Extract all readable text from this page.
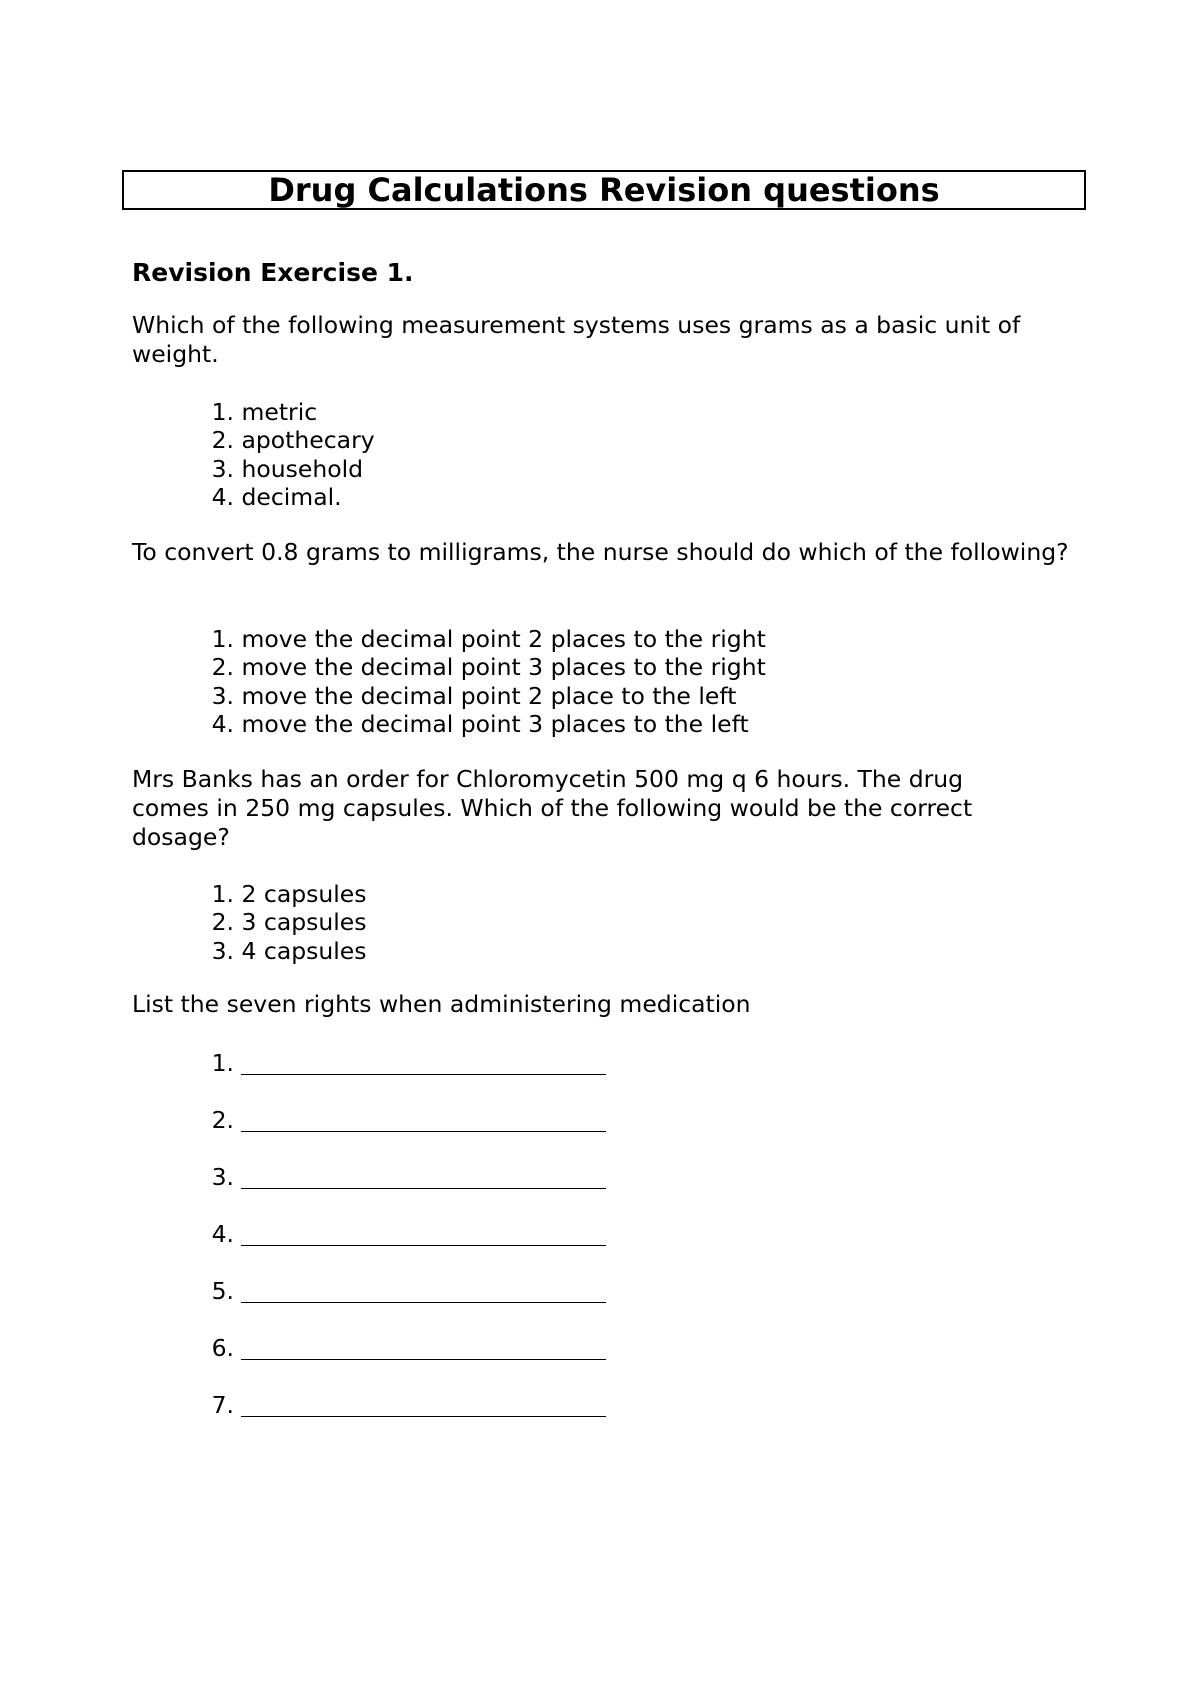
Drug Calculations Revision questions
Revision Exercise 1.

Which of the following measurement systems uses grams as a basic unit of weight.

1.
metric
2.
apothecary
3.
household
4.
decimal.

To convert 0.8 grams to milligrams, the nurse should do which of the following?

1.
move the decimal point 2 places to the right
2.
move the decimal point 3 places to the right
3.
move the decimal point 2 place to the left
4.
move the decimal point 3 places to the left

Mrs Banks has an order for Chloromycetin 500 mg q 6 hours. The drug comes in 250 mg capsules. Which of the following would be the correct dosage?

1.
2 capsules
2.
3 capsules
3.
4 capsules

List the seven rights when administering medication

1.

2.

3.

4.

5.

6.

7.
